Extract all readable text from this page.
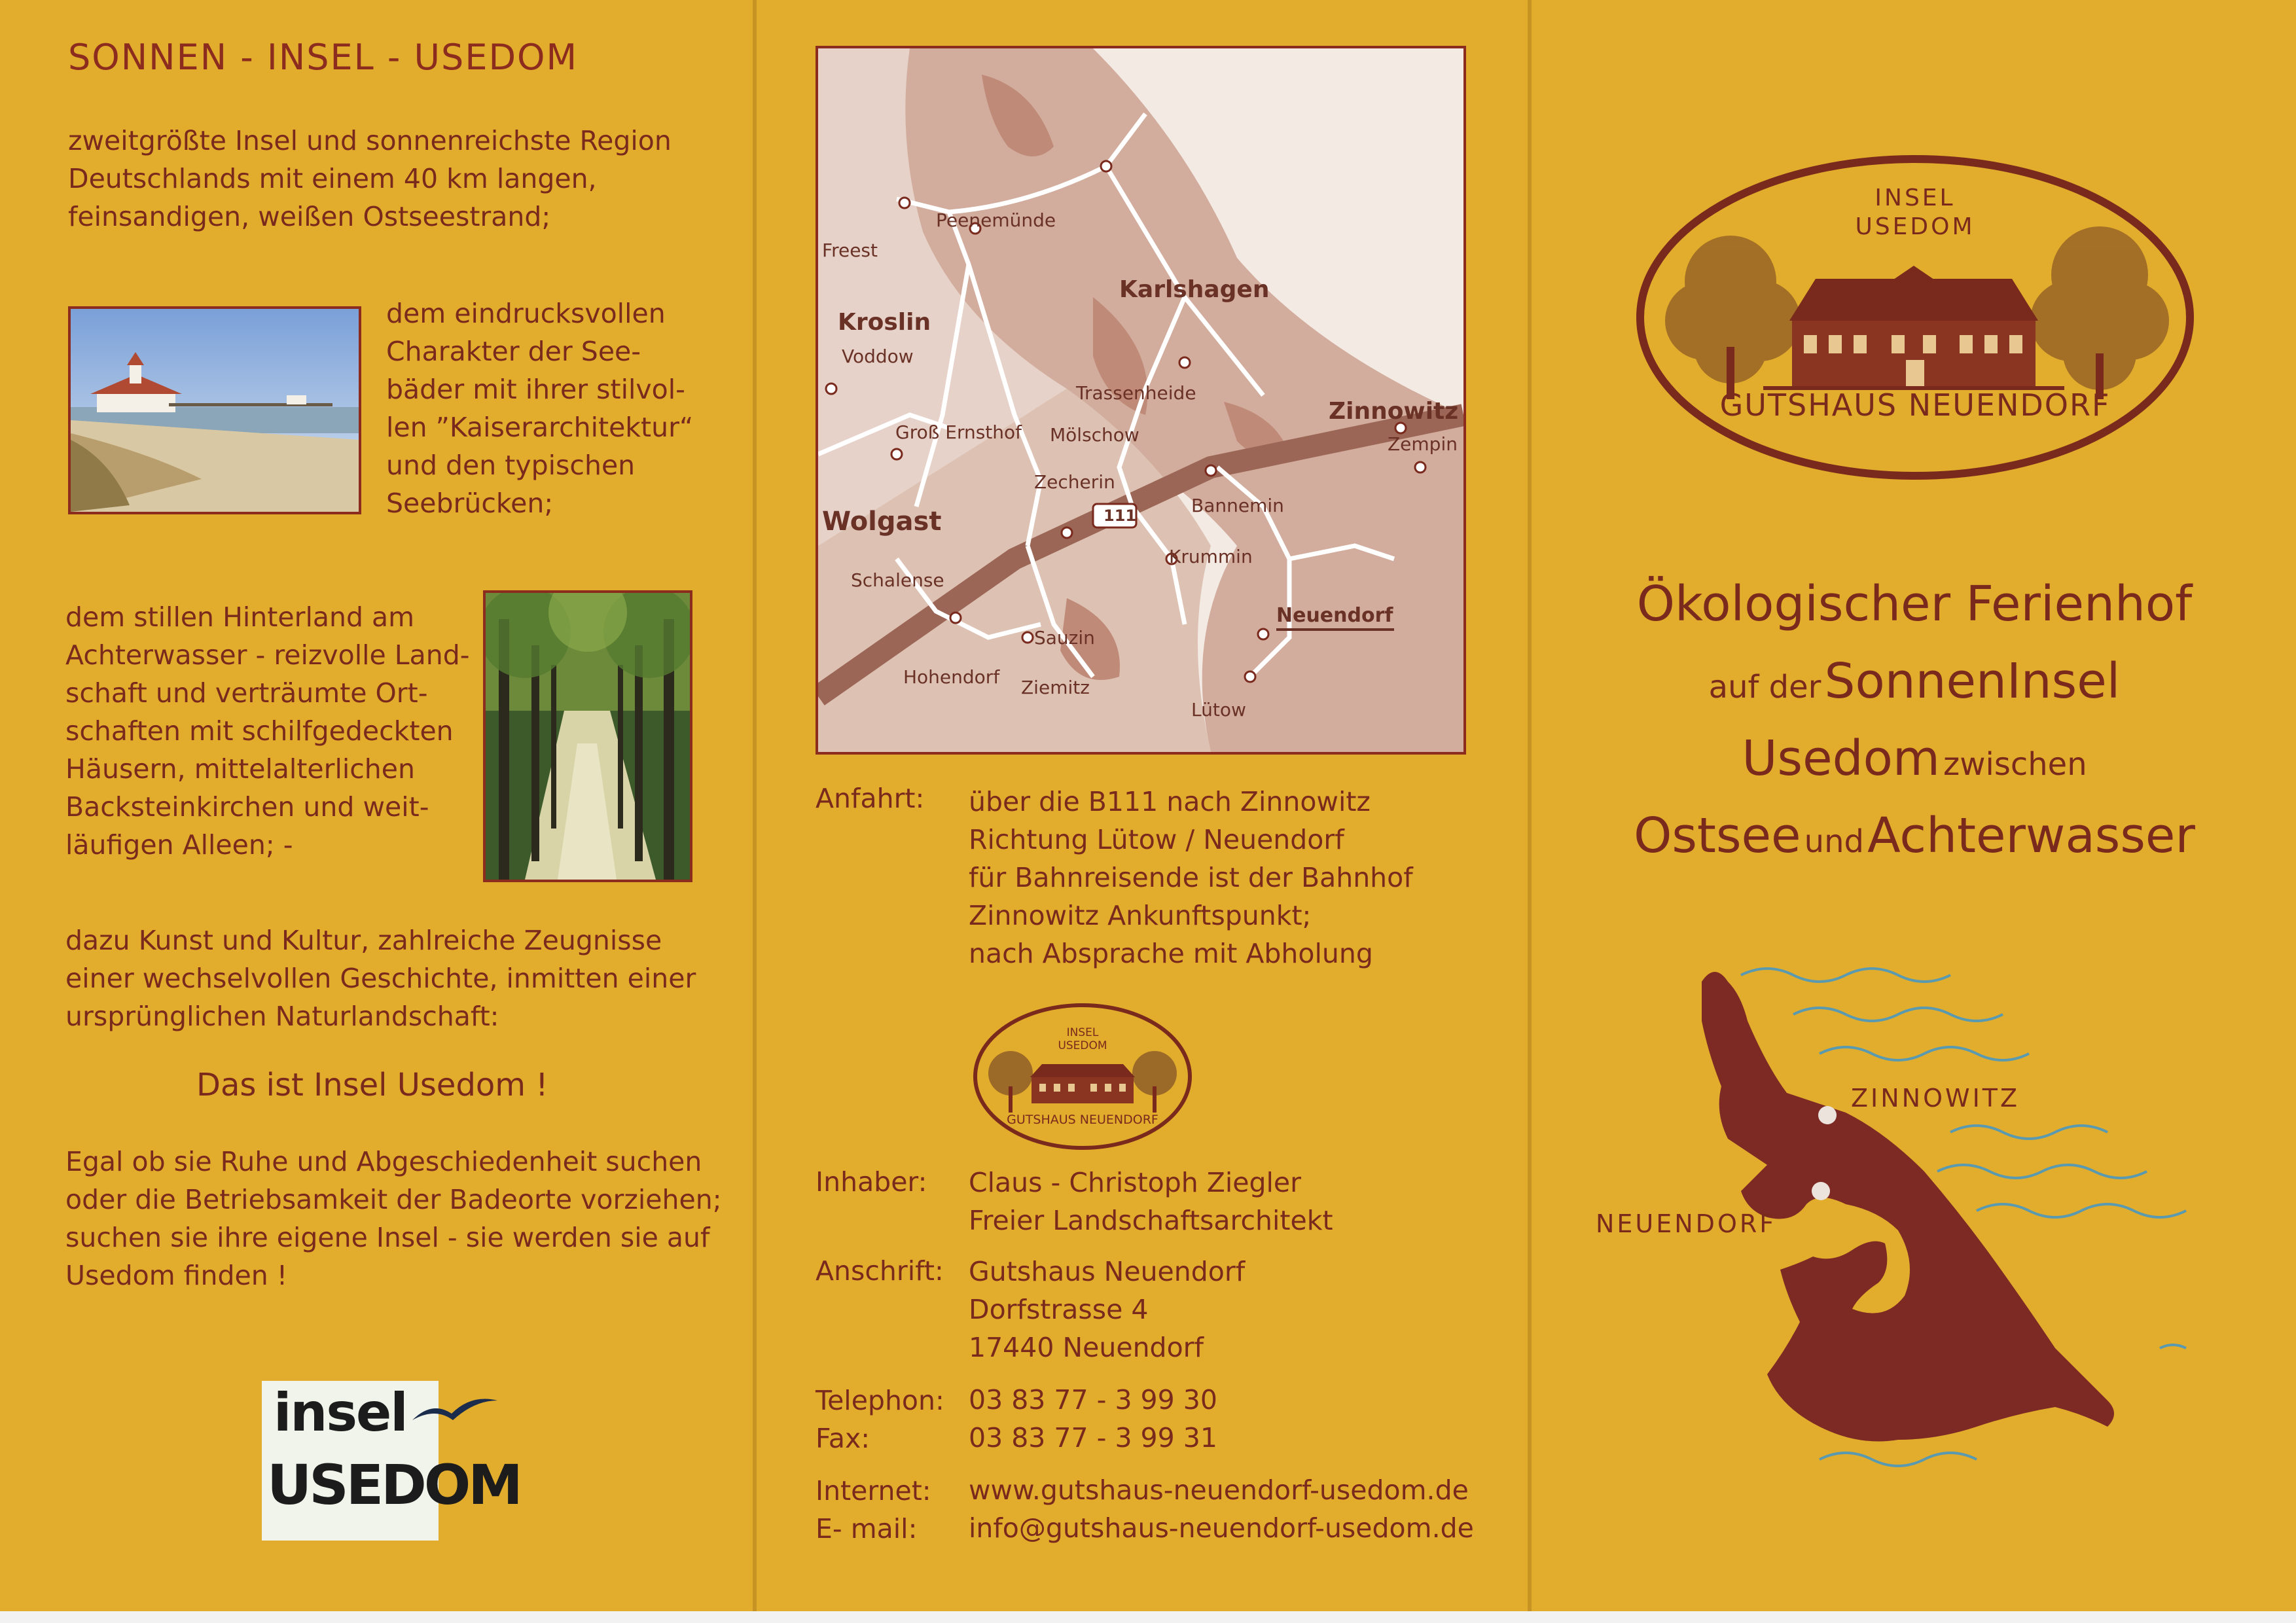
SONNEN - INSEL - USEDOM
zweitgrößte Insel und sonnenreichste Region
Deutschlands mit einem 40 km langen,
feinsandigen, weißen Ostseestrand;
dem eindrucksvollen
Charakter der See-
bäder mit ihrer stilvol-
len ”Kaiserarchitektur“
und den typischen
Seebrücken;
dem stillen Hinterland am
Achterwasser - reizvolle Land-
schaft und verträumte Ort-
schaften mit schilfgedeckten
Häusern, mittelalterlichen
Backsteinkirchen und weit-
läufigen Alleen; -
dazu Kunst und Kultur, zahlreiche Zeugnisse
einer wechselvollen Geschichte, inmitten einer
ursprünglichen Naturlandschaft:
Das ist Insel Usedom !
Egal ob sie Ruhe und Abgeschiedenheit suchen
oder die Betriebsamkeit der Badeorte vorziehen;
suchen sie ihre eigene Insel - sie werden sie auf
Usedom finden !
insel
USEDOM
Peenemünde
Freest
Kroslin
Voddow
Karlshagen
Trassenheide
Zinnowitz
Zempin
Groß Ernsthof Mölschow
Zecherin
111	Bannemin
Wolgast
Krummin
Schalense
Neuendorf
Sauzin
Hohendorf Ziemitz
Lütow
Anfahrt: über die B111 nach Zinnowitz
Richtung Lütow / Neuendorf
für Bahnreisende ist der Bahnhof
Zinnowitz Ankunftspunkt;
nach Absprache mit Abholung
INSEL
USEDOM
GUTSHAUS NEUENDORF
Inhaber: Claus - Christoph Ziegler
Freier Landschaftsarchitekt
Anschrift: Gutshaus Neuendorf
Dorfstrasse 4
17440 Neuendorf
Telephon: 03 83 77 - 3 99 30
Fax:	03 83 77 - 3 99 31
Internet: www.gutshaus-neuendorf-usedom.de
E- mail: info@gutshaus-neuendorf-usedom.de
INSEL
USEDOM
GUTSHAUS NEUENDORF
Ökologischer Ferienhof
auf der SonnenInsel
Usedom zwischen
Ostsee und Achterwasser
ZINNOWITZ
NEUENDORF
